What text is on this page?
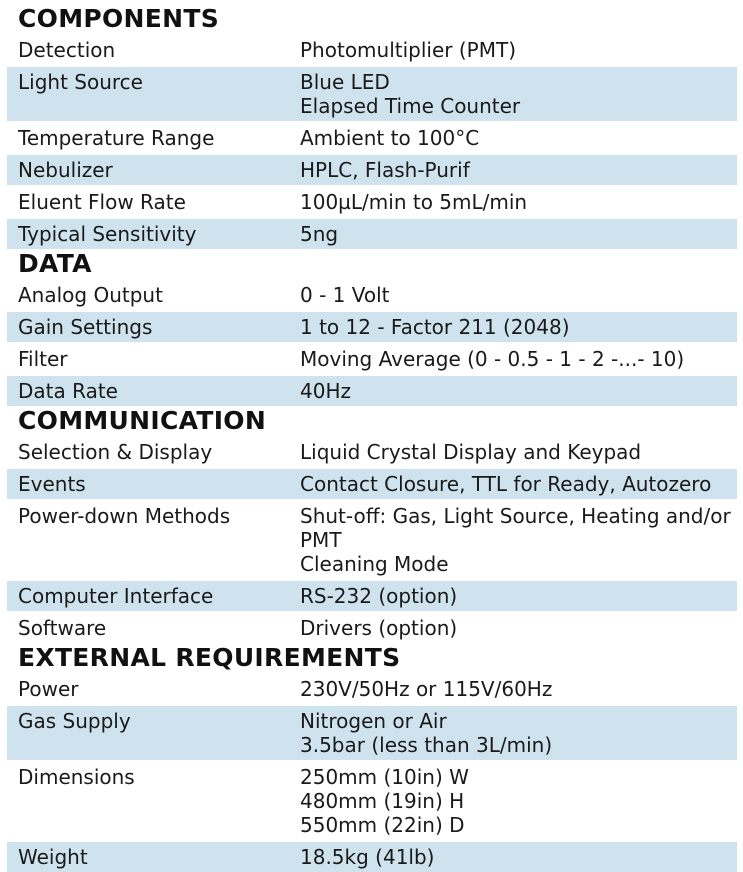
COMPONENTS	
Detection	Photomultiplier (PMT)

Light Source	Blue LED
Elapsed Time Counter

Temperature Range	Ambient to 100°C

Nebulizer	HPLC, Flash-Purif

Eluent Flow Rate	100µL/min to 5mL/min

Typical Sensitivity	5ng

DATA	
Analog Output	0 - 1 Volt

Gain Settings	1 to 12 - Factor 211 (2048)

Filter	Moving Average (0 - 0.5 - 1 - 2 -...- 10)

Data Rate	40Hz

COMMUNICATION	
Selection & Display	Liquid Crystal Display and Keypad

Events	Contact Closure, TTL for Ready, Autozero

Power-down Methods	Shut-off: Gas, Light Source, Heating and/or
PMT
Cleaning Mode

Computer Interface	RS-232 (option)

Software	Drivers (option)

EXTERNAL REQUIREMENTS	
Power	230V/50Hz or 115V/60Hz

Gas Supply	Nitrogen or Air
3.5bar (less than 3L/min)

Dimensions	250mm (10in) W
480mm (19in) H
550mm (22in) D

Weight	18.5kg (41lb)
